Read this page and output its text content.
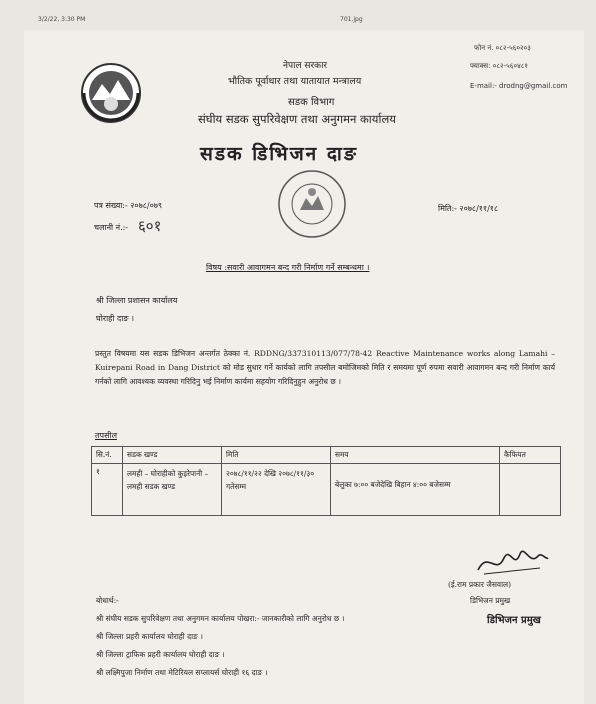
3/2/22, 3:30 PM	701.jpg
नेपाल सरकार
भौतिक पूर्वाधार तथा यातायात मन्त्रालय
सडक विभाग
संघीय सडक सुपरिवेक्षण तथा अनुगमन कार्यालय
सडक डिभिजन दाङ
फोन नं. ०८२-५६०२०३
फ्याक्स: ०८२-५६०४८१
E-mail:- drodng@gmail.com
पत्र संख्या:- २०७८/०७९
चलानी नं.:- ६०१
मिति:- २०७८/११/१८
विषय :सवारी आवागमन बन्द गरी निर्माण गर्ने सम्बन्धमा ।
श्री जिल्ला प्रशासन कार्यालय
घोराही दाङ ।
प्रस्तुत विषयमा यस सडक डिभिजन अन्तर्गत ठेक्का नं. RDDNG/337310113/077/78-42 Reactive Maintenance works along Lamahi – Kuirepani Road in Dang District को मोड सुधार गर्ने कार्यको लागि तपसील बमोजिमको मिति र समयमा पूर्ण रुपमा सवारी आवागमन बन्द गरी निर्माण कार्य गर्नको लागि आवश्यक व्यवस्था गरिदिनु भई निर्माण कार्यमा सहयोग गरिदिनुहुन अनुरोध छ ।
तपसील
सि.नं.	सडक खण्ड	मिति	समय	कैफियत
१	लमही – घोराहीको कुइरेपानी – लमही सडक खण्ड	२०७८/११/२२ देखि २०७८/११/३० गतेसम्म	बेलुका ७:०० बजेदेखि बिहान ४:०० बजेसम्म	
(ई.राम प्रकार जैसवाल)
डिभिजन प्रमुख
बोधार्थ:-
श्री संघीय सडक सुपरिवेक्षण तथा अनुगमन कार्यालय पोखरा:- जानकारीको लागि अनुरोध छ ।
श्री जिल्ला प्रहरी कार्यालय घोराही दाङ ।
श्री जिल्ला ट्राफिक प्रहरी कार्यालय घोराही दाङ ।
श्री लक्ष्मिपुजा निर्माण तथा मेटिरियल सप्लायर्स घोराही १६ दाङ ।
डिभिजन प्रमुख
